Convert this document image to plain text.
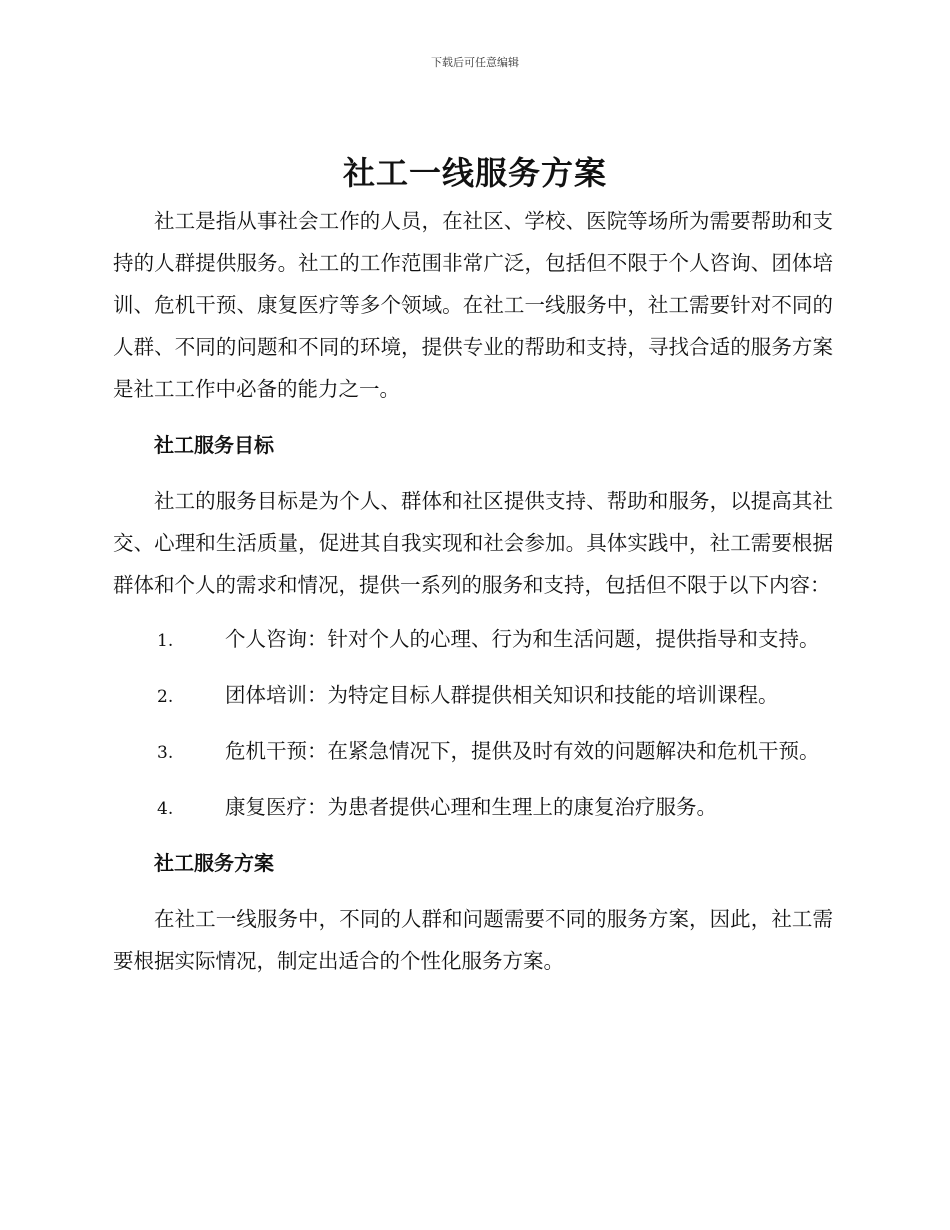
下载后可任意编辑
社工一线服务方案

社工是指从事社会工作的人员，在社区、学校、医院等场所为需要帮助和支持的人群提供服务。社工的工作范围非常广泛，包括但不限于个人咨询、团体培训、危机干预、康复医疗等多个领域。在社工一线服务中，社工需要针对不同的人群、不同的问题和不同的环境，提供专业的帮助和支持，寻找合适的服务方案是社工工作中必备的能力之一。

社工服务目标

社工的服务目标是为个人、群体和社区提供支持、帮助和服务，以提高其社交、心理和生活质量，促进其自我实现和社会参加。具体实践中，社工需要根据群体和个人的需求和情况，提供一系列的服务和支持，包括但不限于以下内容：

1.	个人咨询：针对个人的心理、行为和生活问题，提供指导和支持。

2.	团体培训：为特定目标人群提供相关知识和技能的培训课程。

3.	危机干预：在紧急情况下，提供及时有效的问题解决和危机干预。

4.	康复医疗：为患者提供心理和生理上的康复治疗服务。

社工服务方案

在社工一线服务中，不同的人群和问题需要不同的服务方案，因此，社工需要根据实际情况，制定出适合的个性化服务方案。
